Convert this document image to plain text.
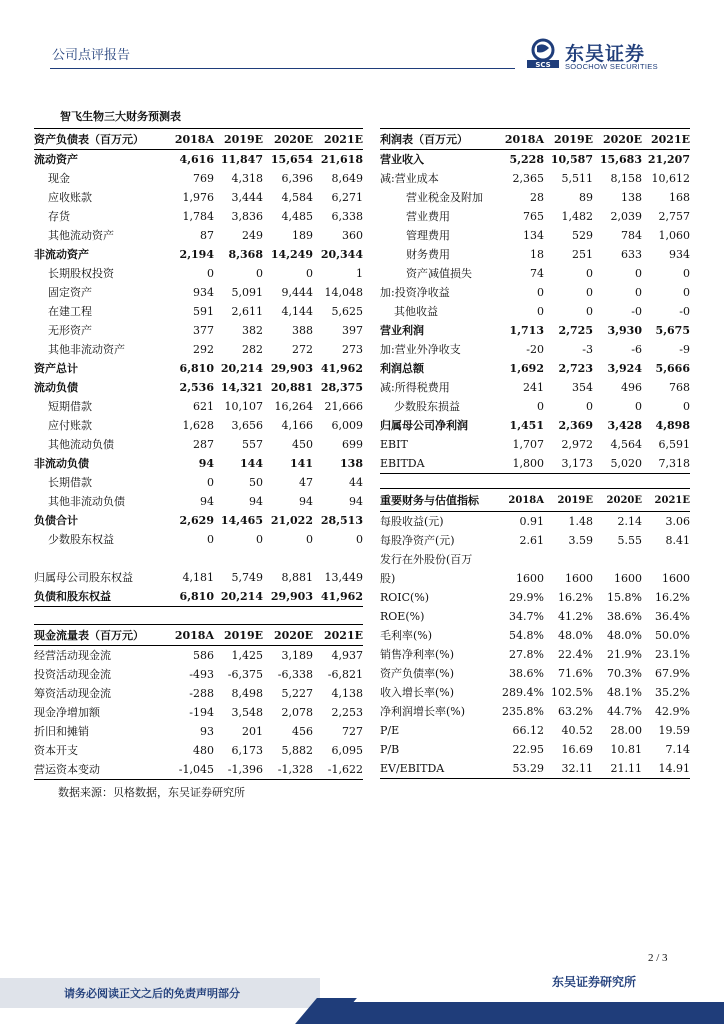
公司点评报告
SCS 东吴证券
SOOCHOW SECURITIES
智飞生物三大财务预测表
资产负债表（百万元）	2018A	2019E	2020E	2021E
流动资产	4,616	11,847	15,654	21,618
现金	769	4,318	6,396	8,649
应收账款	1,976	3,444	4,584	6,271
存货	1,784	3,836	4,485	6,338
其他流动资产	87	249	189	360
非流动资产	2,194	8,368	14,249	20,344
长期股权投资	0	0	0	1
固定资产	934	5,091	9,444	14,048
在建工程	591	2,611	4,144	5,625
无形资产	377	382	388	397
其他非流动资产	292	282	272	273
资产总计	6,810	20,214	29,903	41,962
流动负债	2,536	14,321	20,881	28,375
短期借款	621	10,107	16,264	21,666
应付账款	1,628	3,656	4,166	6,009
其他流动负债	287	557	450	699
非流动负债	94	144	141	138
长期借款	0	50	47	44
其他非流动负债	94	94	94	94
负债合计	2,629	14,465	21,022	28,513
少数股东权益	0	0	0	0

归属母公司股东权益	4,181	5,749	8,881	13,449
负债和股东权益	6,810	20,214	29,903	41,962
利润表（百万元）	2018A	2019E	2020E	2021E
营业收入	5,228	10,587	15,683	21,207
减:营业成本	2,365	5,511	8,158	10,612
营业税金及附加	28	89	138	168
营业费用	765	1,482	2,039	2,757
管理费用	134	529	784	1,060
财务费用	18	251	633	934
资产减值损失	74	0	0	0
加:投资净收益	0	0	0	0
其他收益	0	0	-0	-0
营业利润	1,713	2,725	3,930	5,675
加:营业外净收支	-20	-3	-6	-9
利润总额	1,692	2,723	3,924	5,666
减:所得税费用	241	354	496	768
少数股东损益	0	0	0	0
归属母公司净利润	1,451	2,369	3,428	4,898
EBIT	1,707	2,972	4,564	6,591
EBITDA	1,800	3,173	5,020	7,318
重要财务与估值指标	2018A	2019E	2020E	2021E
每股收益(元)	0.91	1.48	2.14	3.06
每股净资产(元)	2.61	3.59	5.55	8.41
发行在外股份(百万				
股)	1600	1600	1600	1600
ROIC(%)	29.9%	16.2%	15.8%	16.2%
ROE(%)	34.7%	41.2%	38.6%	36.4%
毛利率(%)	54.8%	48.0%	48.0%	50.0%
销售净利率(%)	27.8%	22.4%	21.9%	23.1%
资产负债率(%)	38.6%	71.6%	70.3%	67.9%
收入增长率(%)	289.4%	102.5%	48.1%	35.2%
净利润增长率(%)	235.8%	63.2%	44.7%	42.9%
P/E	66.12	40.52	28.00	19.59
P/B	22.95	16.69	10.81	7.14
EV/EBITDA	53.29	32.11	21.11	14.91
现金流量表（百万元）	2018A	2019E	2020E	2021E
经营活动现金流	586	1,425	3,189	4,937
投资活动现金流	-493	-6,375	-6,338	-6,821
筹资活动现金流	-288	8,498	5,227	4,138
现金净增加额	-194	3,548	2,078	2,253
折旧和摊销	93	201	456	727
资本开支	480	6,173	5,882	6,095
营运资本变动	-1,045	-1,396	-1,328	-1,622
数据来源：贝格数据，东吴证券研究所
2 / 3
请务必阅读正文之后的免责声明部分
东吴证券研究所
